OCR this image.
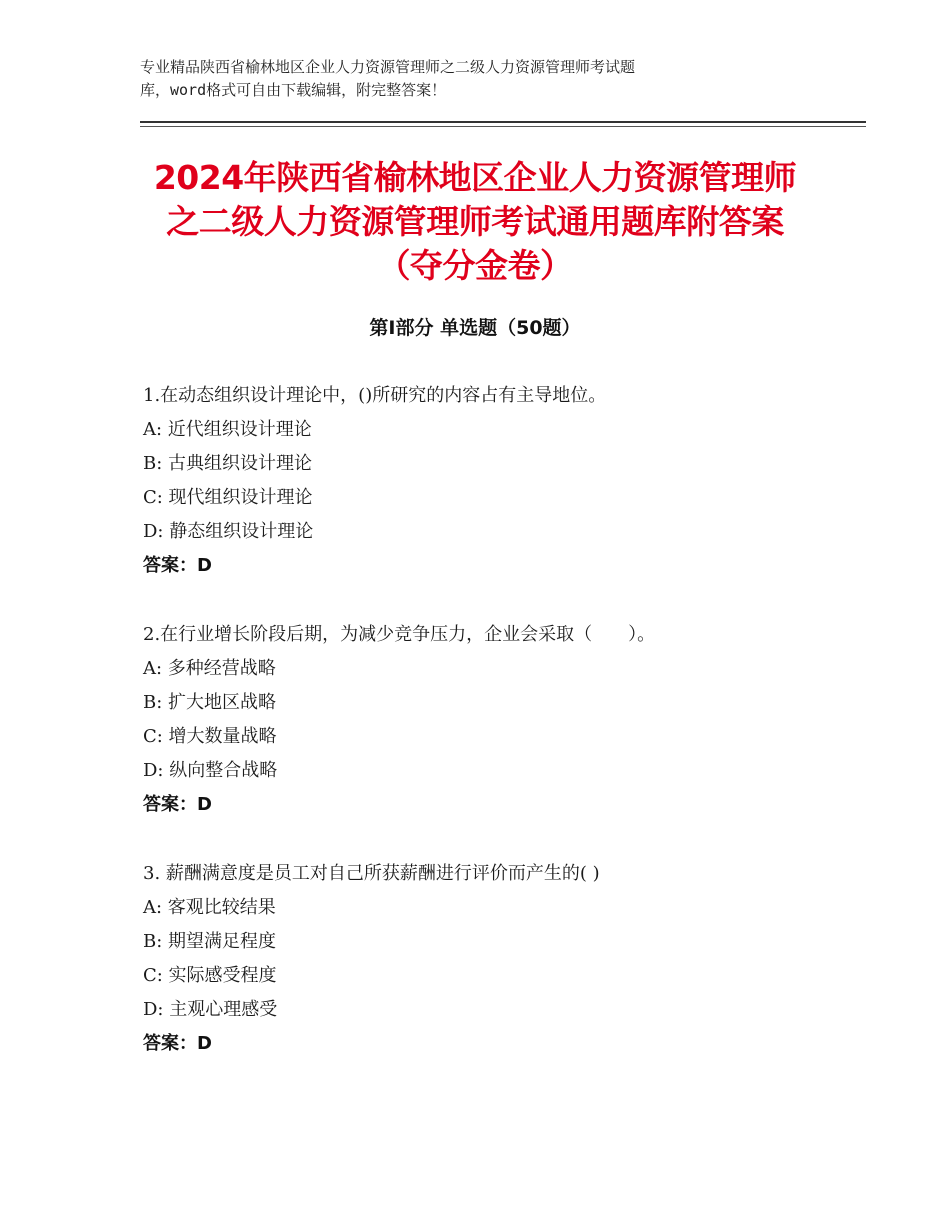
专业精品陕西省榆林地区企业人力资源管理师之二级人力资源管理师考试题
库，word格式可自由下载编辑，附完整答案！
2024年陕西省榆林地区企业人力资源管理师
之二级人力资源管理师考试通用题库附答案
（夺分金卷）
第Ⅰ部分 单选题（50题）
1.在动态组织设计理论中，()所研究的内容占有主导地位。
A: 近代组织设计理论
B: 古典组织设计理论
C: 现代组织设计理论
D: 静态组织设计理论
答案：D
2.在行业增长阶段后期，为减少竞争压力，企业会采取（　　）。
A: 多种经营战略
B: 扩大地区战略
C: 增大数量战略
D: 纵向整合战略
答案：D
3. 薪酬满意度是员工对自己所获薪酬进行评价而产生的( )
A: 客观比较结果
B: 期望满足程度
C: 实际感受程度
D: 主观心理感受
答案：D
